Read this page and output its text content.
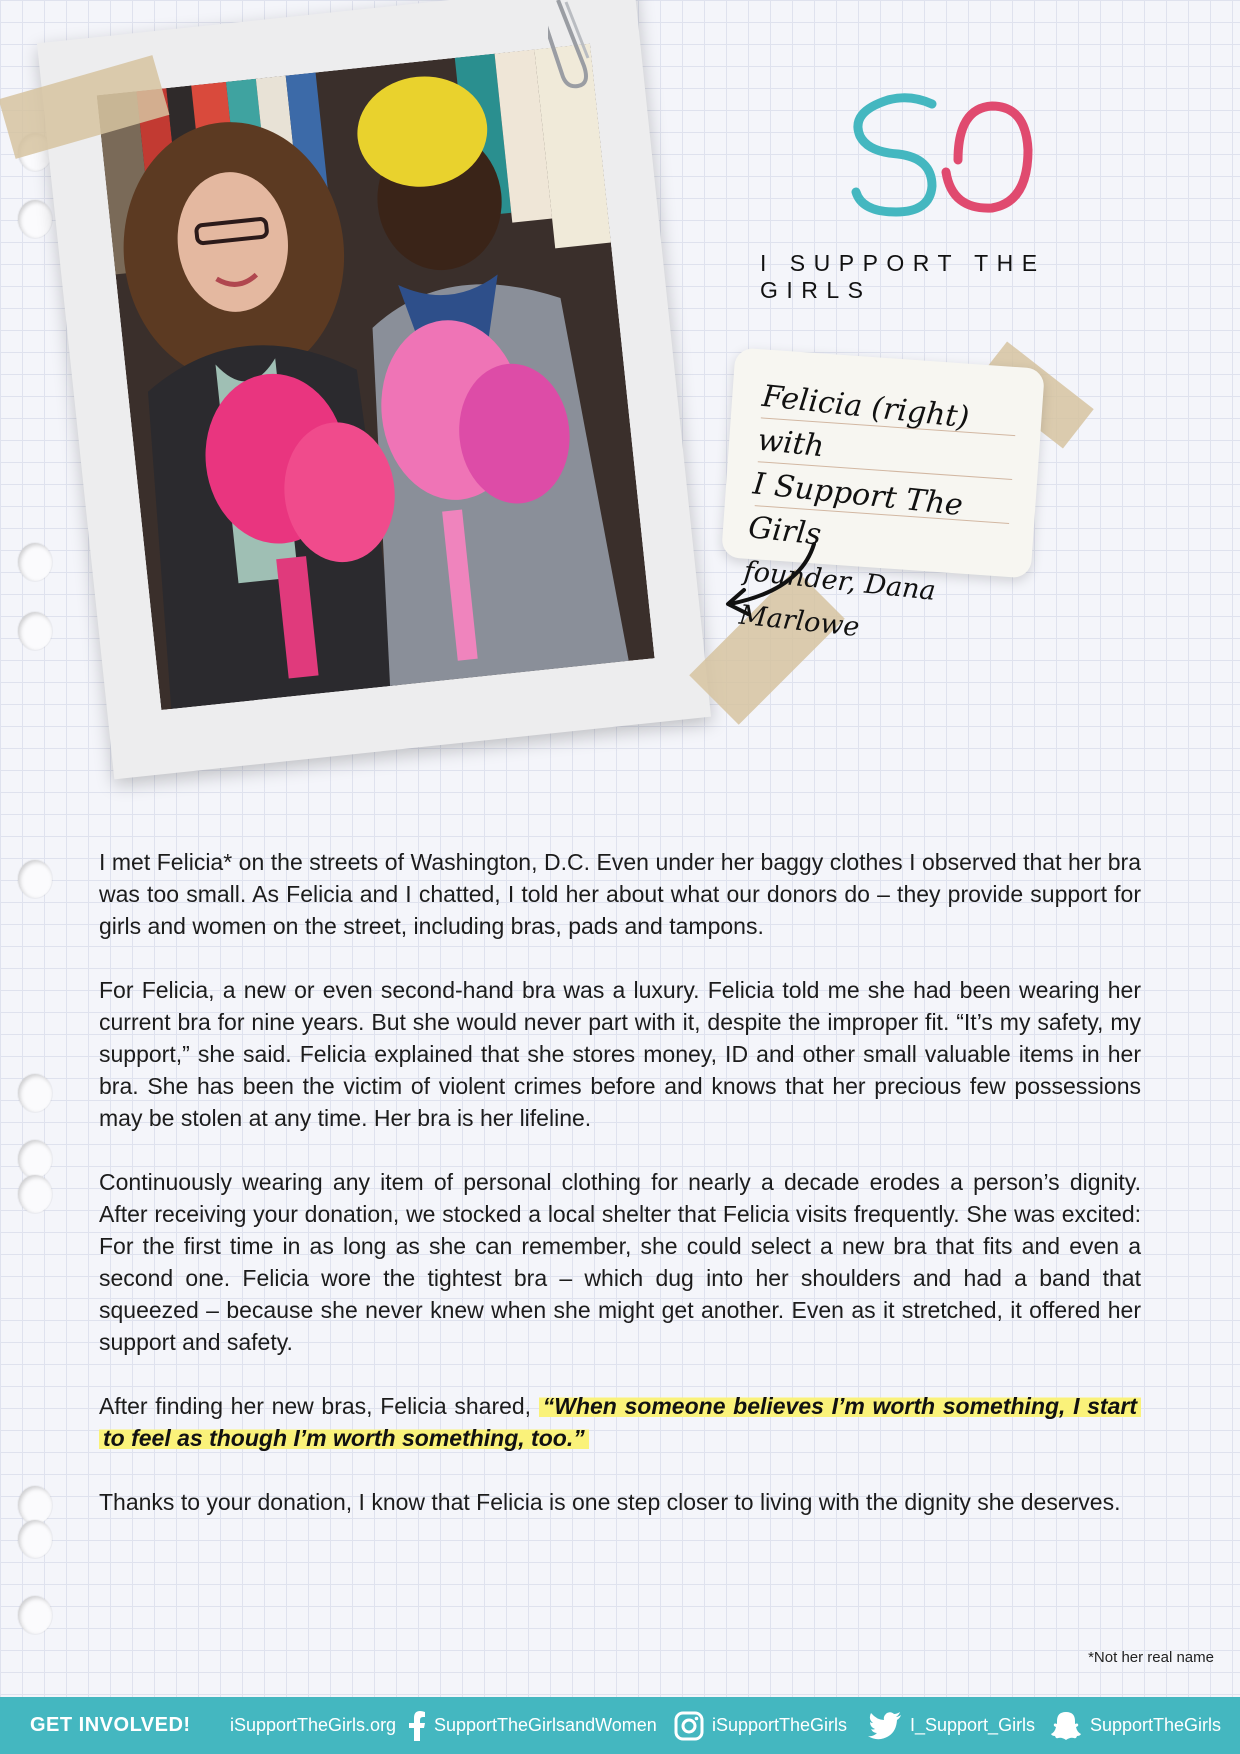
I SUPPORT THE GIRLS
Felicia (right) with
I Support The Girls
founder, Dana Marlowe

I met Felicia* on the streets of Washington, D.C. Even under her baggy clothes I observed that her bra was too small. As Felicia and I chatted, I told her about what our donors do – they provide support for girls and women on the street, including bras, pads and tampons.

For Felicia, a new or even second-hand bra was a luxury. Felicia told me she had been wearing her current bra for nine years. But she would never part with it, despite the improper fit. “It’s my safety, my support,” she said. Felicia explained that she stores money, ID and other small valuable items in her bra. She has been the victim of violent crimes before and knows that her precious few possessions may be stolen at any time. Her bra is her lifeline.

Continuously wearing any item of personal clothing for nearly a decade erodes a person’s dignity. After receiving your donation, we stocked a local shelter that Felicia visits frequently. She was excited: For the first time in as long as she can remember, she could select a new bra that fits and even a second one. Felicia wore the tightest bra – which dug into her shoulders and had a band that squeezed – because she never knew when she might get another. Even as it stretched, it offered her support and safety.

After finding her new bras, Felicia shared, “When someone believes I’m worth something, I start to feel as though I’m worth something, too.”

Thanks to your donation, I know that Felicia is one step closer to living with the dignity she deserves.

*Not her real name
GET INVOLVED! iSupportTheGirls.org SupportTheGirlsandWomen	iSupportTheGirls	I_Support_Girls	SupportTheGirls
